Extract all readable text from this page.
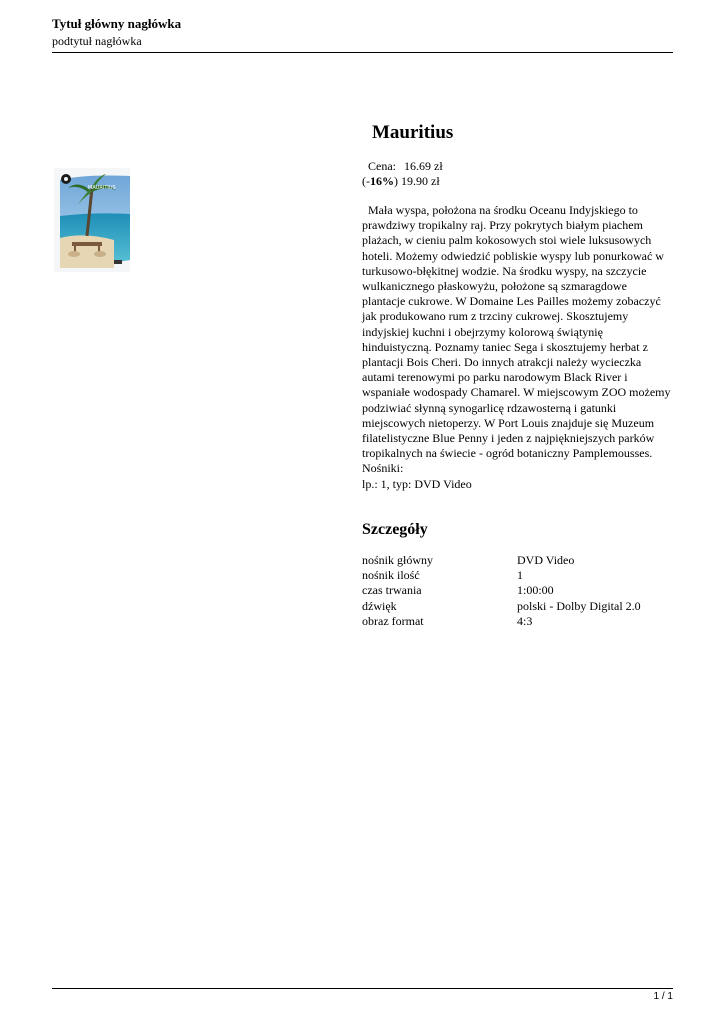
Tytuł główny nagłówka
podtytuł nagłówka
MAURITIUS
Mauritius
Cena: 16.69 zł
(-16%) 19.90 zł
Mała wyspa, położona na środku Oceanu Indyjskiego to prawdziwy tropikalny raj. Przy pokrytych białym piachem plażach, w cieniu palm kokosowych stoi wiele luksusowych hoteli. Możemy odwiedzić pobliskie wyspy lub ponurkować w turkusowo-błękitnej wodzie. Na środku wyspy, na szczycie wulkanicznego płaskowyżu, położone są szmaragdowe plantacje cukrowe. W Domaine Les Pailles możemy zobaczyć jak produkowano rum z trzciny cukrowej. Skosztujemy indyjskiej kuchni i obejrzymy kolorową świątynię hinduistyczną. Poznamy taniec Sega i skosztujemy herbat z plantacji Bois Cheri. Do innych atrakcji należy wycieczka autami terenowymi po parku narodowym Black River i wspaniałe wodospady Chamarel. W miejscowym ZOO możemy podziwiać słynną synogarlicę rdzawosterną i gatunki miejscowych nietoperzy. W Port Louis znajduje się Muzeum filatelistyczne Blue Penny i jeden z najpiękniejszych parków tropikalnych na świecie - ogród botaniczny Pamplemousses.
Nośniki:
lp.: 1, typ: DVD Video
Szczegóły
nośnik główny	DVD Video
nośnik ilość	1
czas trwania	1:00:00
dźwięk	polski - Dolby Digital 2.0
obraz format	4:3
1 / 1
